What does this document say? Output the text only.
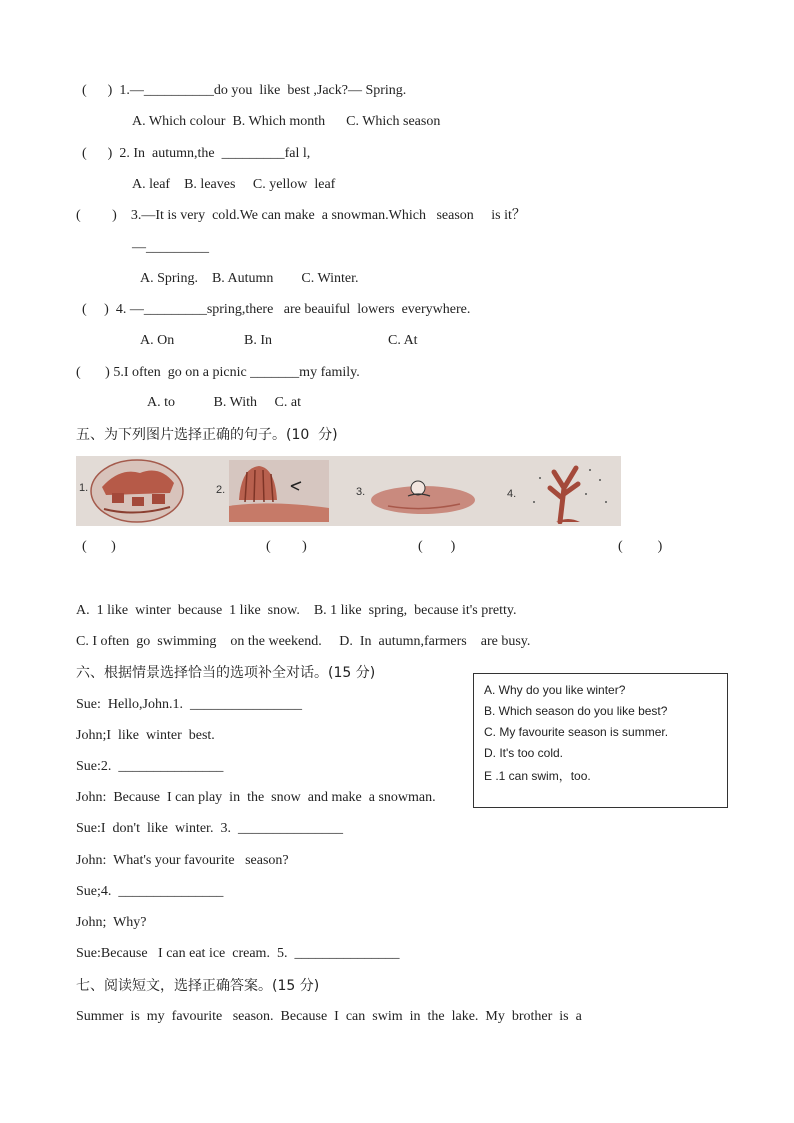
(      )  1.—__________do you  like  best ,Jack?— Spring.
A. Which colour  B. Which month      C. Which season
(      )  2. In  autumn,the  _________fal l,
A. leaf    B. leaves     C. yellow  leaf
(         )    3.—It is very  cold.We can make  a snowman.Which   season     is it？
—_________
A. Spring.    B. Autumn        C. Winter.
(     )  4. —_________spring,there   are beauiful  lowers  everywhere.
A. On	B. In	C. At
(       ) 5.I often  go on a picnic _______my family.
A. to           B. With     C. at
五、为下列图片选择正确的句子。(10  分)
1.	2.	3.	4.
(       )	(         )	(        )	(          )
A.  1 like  winter  because  1 like  snow.    B. 1 like  spring,  because it's pretty.
C. I often  go  swimming    on the weekend.     D.  In  autumn,farmers    are busy.
六、根据情景选择恰当的选项补全对话。(15 分)
Sue:  Hello,John.1.  ________________
John;I  like  winter  best.
Sue:2.  _______________
John:  Because  I can play  in  the  snow  and make  a snowman.
Sue:I  don't  like  winter.  3.  _______________
John:  What's your favourite   season?
Sue;4.  _______________
John;  Why?
Sue:Because   I can eat ice  cream.  5.  _______________
A. Why do you like winter?
B. Which season do you like best?
C. My favourite season is summer.
D. It's too cold.
E .1 can swim，too.
七、阅读短文，选择正确答案。(15 分)
Summer  is  my  favourite   season.  Because  I  can  swim  in  the  lake.  My  brother  is  a
